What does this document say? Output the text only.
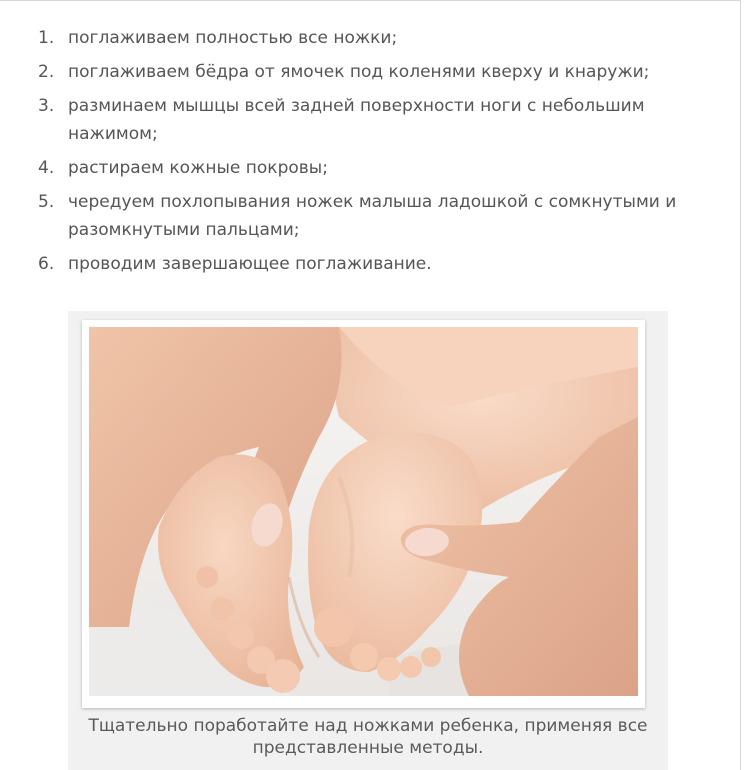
1. поглаживаем полностью все ножки;
2. поглаживаем бёдра от ямочек под коленями кверху и кнаружи;
3. разминаем мышцы всей задней поверхности ноги с небольшим нажимом;
4. растираем кожные покровы;
5. чередуем похлопывания ножек малыша ладошкой с сомкнутыми и разомкнутыми пальцами;
6. проводим завершающее поглаживание.
Тщательно поработайте над ножками ребенка, применяя все представленные методы.
